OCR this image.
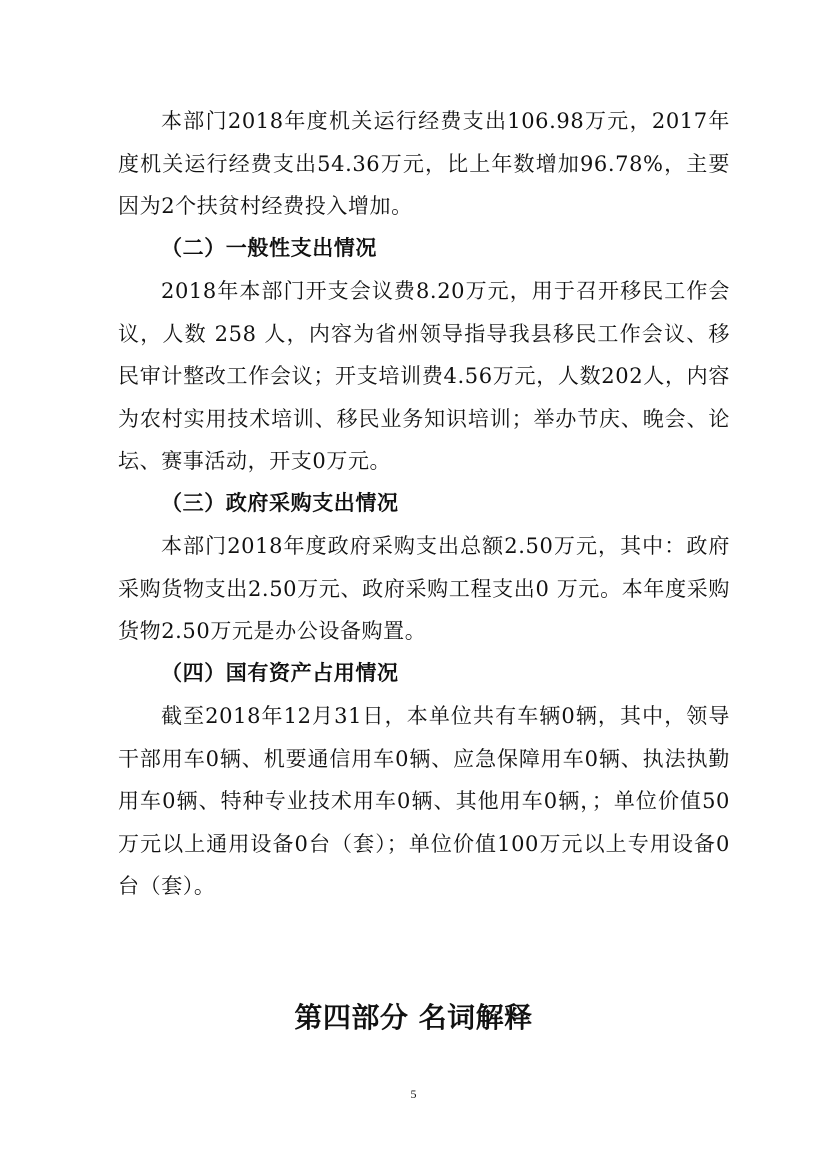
本部门2018年度机关运行经费支出106.98万元，2017年度机关运行经费支出54.36万元，比上年数增加96.78%，主要因为2个扶贫村经费投入增加。

（二）一般性支出情况

2018年本部门开支会议费8.20万元，用于召开移民工作会议，人数 258 人，内容为省州领导指导我县移民工作会议、移民审计整改工作会议；开支培训费4.56万元，人数202人，内容为农村实用技术培训、移民业务知识培训；举办节庆、晚会、论坛、赛事活动，开支0万元。

（三）政府采购支出情况

本部门2018年度政府采购支出总额2.50万元，其中：政府采购货物支出2.50万元、政府采购工程支出0 万元。本年度采购货物2.50万元是办公设备购置。

（四）国有资产占用情况

截至2018年12月31日，本单位共有车辆0辆，其中，领导干部用车0辆、机要通信用车0辆、应急保障用车0辆、执法执勤用车0辆、特种专业技术用车0辆、其他用车0辆，；单位价值50万元以上通用设备0台（套）；单位价值100万元以上专用设备0台（套）。

第四部分 名词解释
5
